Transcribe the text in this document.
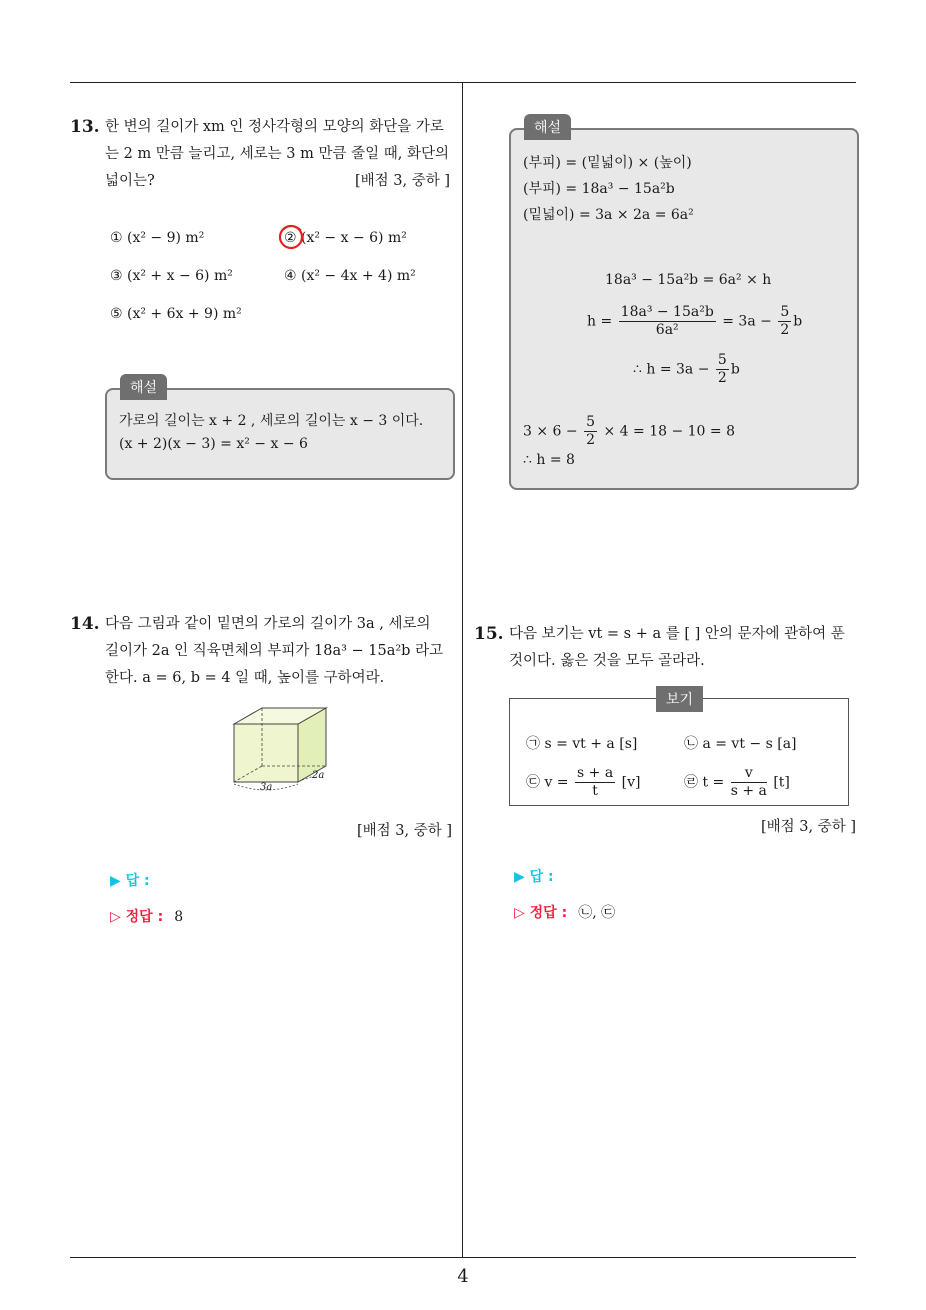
13. 한 변의 길이가 xm 인 정사각형의 모양의 화단을 가로
는 2 m 만큼 늘리고, 세로는 3 m 만큼 줄일 때, 화단의
넓이는?	[배점 3, 중하 ]
① (x² − 9) m²	② (x² − x − 6) m²
③ (x² + x − 6) m²	④ (x² − 4x + 4) m²
⑤ (x² + 6x + 9) m²
가로의 길이는 x + 2 , 세로의 길이는 x − 3 이다.
(x + 2)(x − 3) = x² − x − 6
해설
(부피) = (밑넓이) × (높이)
(부피) = 18a³ − 15a²b
(밑넓이) = 3a × 2a = 6a²
18a³ − 15a²b = 6a² × h
$h = \frac{\text{18a³ − 15a²b}}{\text{6a²}} = 3a - \frac{5}{2}$ b
∴ $h = 3a - \frac{5}{2}$ b
$3 \times 6 - \frac{5}{2} \times 4 = 18 - 10 = 8$
∴ h = 8
해설
14. 다음 그림과 같이 밑면의 가로의 길이가 3a , 세로의
길이가 2a 인 직육면체의 부피가 18a³ − 15a²b 라고
한다. a = 6, b = 4 일 때, 높이를 구하여라.
3a
2a
[배점 3, 중하 ]
▶ 답 :
▷ 정답 : 8
15. 다음 보기는 vt = s + a 를 [ ] 안의 문자에 관하여 푼
것이다. 옳은 것을 모두 골라라.
㉠ s = vt + a [s]	㉡ a = vt − s [a]
㉢ $v = \frac{s + a}{t} [v]$	㉣ $t = \frac{v}{s + a} [t]$
보기
[배점 3, 중하 ]
▶ 답 :
▷ 정답 : ㉡, ㉢
4
